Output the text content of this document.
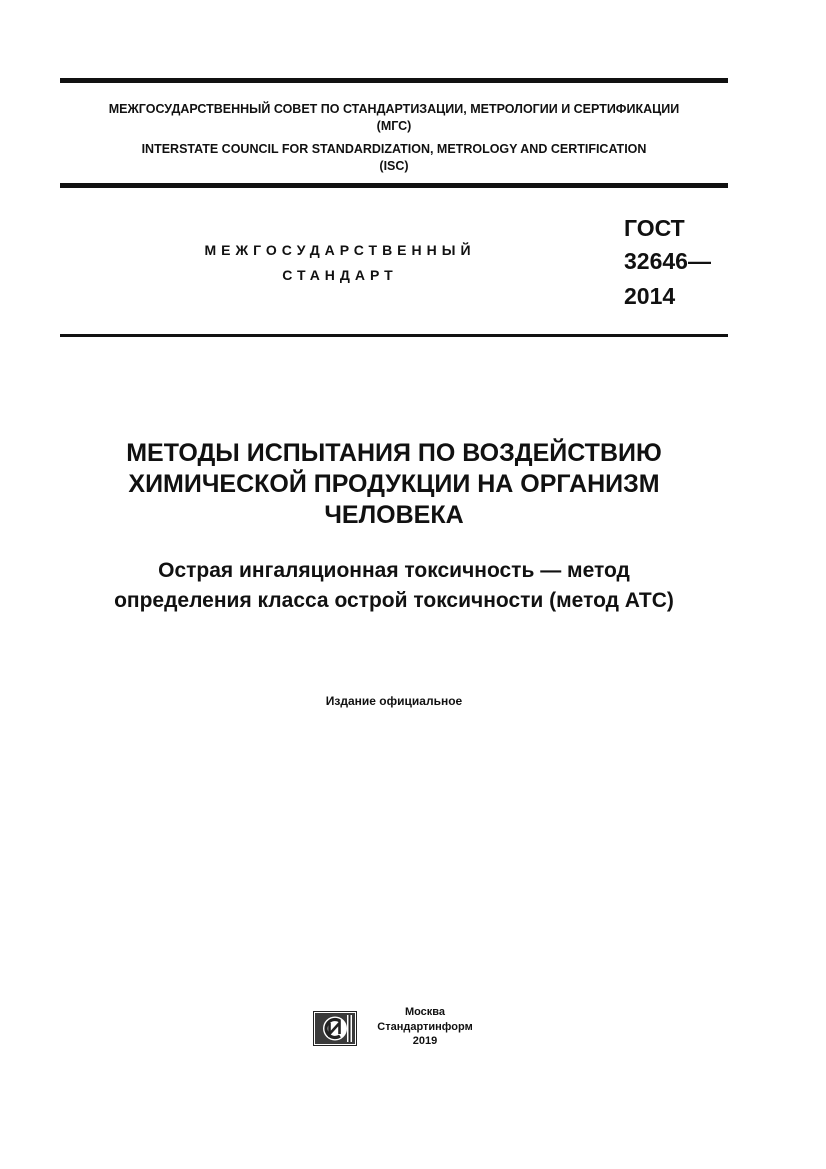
МЕЖГОСУДАРСТВЕННЫЙ СОВЕТ ПО СТАНДАРТИЗАЦИИ, МЕТРОЛОГИИ И СЕРТИФИКАЦИИ
(МГС)
INTERSTATE COUNCIL FOR STANDARDIZATION, METROLOGY AND CERTIFICATION
(ISC)
МЕЖГОСУДАРСТВЕННЫЙ
СТАНДАРТ
ГОСТ
32646—
2014
МЕТОДЫ ИСПЫТАНИЯ ПО ВОЗДЕЙСТВИЮ
ХИМИЧЕСКОЙ ПРОДУКЦИИ НА ОРГАНИЗМ
ЧЕЛОВЕКА
Острая ингаляционная токсичность — метод
определения класса острой токсичности (метод АТС)
Издание официальное
Москва
Стандартинформ
2019
